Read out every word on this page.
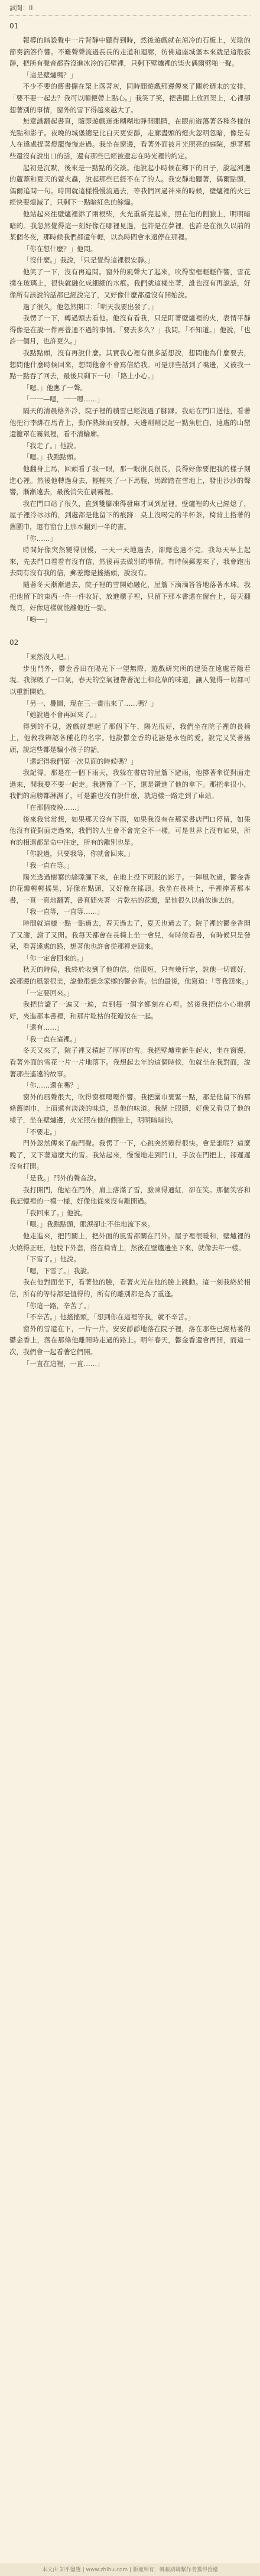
試閱：II
01

報導的暗殺聲中一片背靜中聽得到時，然後遊戲就在涼冷的石板上，光陰的節奏滴答作響。不難聲聲流過長長的走道和迴廊，彷佛這座城堡本來就是這般寂靜，把所有聲音都吞沒進冰冷的石壁裡，只剩下壁爐裡的柴火偶爾劈啪一聲。

「這是壁爐嗎？」

不少不要的舊書擺在架上落著灰，同時間遊戲那邊傳來了關於週末的安排，「要不要一起去？我可以順便帶上點心。」我笑了笑，把書闔上放回架上，心裡卻想著別的事情，窗外的雪下得越來越大了。

無意識翻起書頁，隨即遊戲迷迷糊糊地睜開眼睛，在眼前遊蕩著各種各樣的光點和影子。夜晚的城堡總是比白天更安靜，走廊盡頭的燈火忽明忽暗，像是有人在遠處提著燈籠慢慢走過。我坐在窗邊，看著外面被月光照亮的庭院，想著那些還沒有說出口的話，還有那些已經被遺忘在時光裡的約定。

起初是沉默，後來是一點點的交談。他說起小時候在鄉下的日子，說起河邊的蘆葦和夏天的螢火蟲，說起那些已經不在了的人。我安靜地聽著，偶爾點頭，偶爾追問一句。時間就這樣慢慢流過去，等我們回過神來的時候，壁爐裡的火已經快要熄滅了，只剩下一點暗紅色的餘燼。

他站起來往壁爐裡添了兩根柴，火光重新亮起來，照在他的側臉上，明明暗暗的。我忽然覺得這一刻好像在哪裡見過，也許是在夢裡，也許是在很久以前的某個冬夜，那時候我們都還年輕，以為時間會永遠停在那裡。

「你在想什麼？」他問。

「沒什麼。」我說，「只是覺得這裡很安靜。」

他笑了一下，沒有再追問。窗外的風聲大了起來，吹得窗框輕輕作響，雪花撲在玻璃上，很快就融化成細細的水痕。我們就這樣坐著，誰也沒有再說話，好像所有該說的話都已經說完了，又好像什麼都還沒有開始說。

過了很久，他忽然開口：「明天我要出發了。」

我愣了一下，轉過頭去看他。他沒有看我，只是盯著壁爐裡的火，表情平靜得像是在說一件再普通不過的事情。「要去多久？」我問。「不知道。」他說，「也許一個月，也許更久。」

我點點頭，沒有再說什麼。其實我心裡有很多話想說，想問他為什麼要去，想問他什麼時候回來，想問他會不會寫信給我。可是那些話到了嘴邊，又被我一點一點吞了回去，最後只剩下一句：「路上小心。」

「嗯。」他應了一聲。

「一一—嗯，一一嗯……」

隔天的清晨格外冷，院子裡的積雪已經沒過了腳踝。我站在門口送他，看著他把行李綁在馬背上，動作熟練而安靜。天邊剛剛泛起一點魚肚白，遠處的山巒還籠罩在霧氣裡，看不清輪廓。

「我走了。」他說。

「嗯。」我點點頭。

他翻身上馬，回頭看了我一眼，那一眼很長很長，長得好像要把我的樣子刻進心裡。然後他轉過身去，輕輕夾了一下馬腹，馬蹄踏在雪地上，發出沙沙的聲響，漸漸遠去，最後消失在晨霧裡。

我在門口站了很久，直到雙腳凍得發麻才回到屋裡。壁爐裡的火已經熄了，屋子裡冷冰冰的，到處都是他留下的痕跡：桌上沒喝完的半杯茶，椅背上搭著的舊圍巾，還有窗台上那本翻到一半的書。

「你……」

時間好像突然變得很慢，一天一天地過去，卻總也過不完。我每天早上起來，先去門口看看有沒有信，然後再去做別的事情。有時候郵差來了，我會跑出去問有沒有我的信，郵差總是搖搖頭，說沒有。

隨著冬天漸漸過去，院子裡的雪開始融化，屋簷下滴滴答答地落著水珠。我把他留下的東西一件一件收好，放進櫃子裡，只留下那本書還在窗台上，每天翻幾頁，好像這樣就能離他近一點。

「嗚──」

02

「果然沒人吧。」

步出門外，鬱金香田在陽光下一望無際，遊戲研究所的建築在遠處若隱若現。我深吸了一口氣，春天的空氣裡帶著泥土和花草的味道，讓人覺得一切都可以重新開始。

「另一、疊圖，現在三一畫出來了……嗎？」

「她說過不會再回來了。」

得到的不見，遊戲就想起了那個下午，陽光很好，我們坐在院子裡的長椅上，他教我辨認各種花的名字。他說鬱金香的花語是永恆的愛，說完又笑著搖頭，說這些都是騙小孩子的話。

「還記得我們第一次見面的時候嗎？」

我記得。那是在一個下雨天，我躲在書店的屋簷下避雨，他撐著傘從對面走過來，問我要不要一起走。我猶豫了一下，還是鑽進了他的傘下。那把傘很小，我們的肩膀都淋濕了，可是誰也沒有說什麼，就這樣一路走到了車站。

「在那個夜晚……」

後來我常常想，如果那天沒有下雨，如果我沒有在那家書店門口停留，如果他沒有從對面走過來，我們的人生會不會完全不一樣。可是世界上沒有如果，所有的相遇都是命中注定，所有的離別也是。

「你說過，只要我等，你就會回來。」

「我一直在等。」

陽光透過樹葉的縫隙灑下來，在地上投下斑駁的影子。一陣風吹過，鬱金香的花瓣輕輕搖晃，好像在點頭，又好像在搖頭。我坐在長椅上，手裡捧著那本書，一頁一頁地翻著，書頁間夾著一片乾枯的花瓣，是他很久以前放進去的。

「我一直等，一直等……」

時間就這樣一點一點過去，春天過去了，夏天也過去了。院子裡的鬱金香開了又謝，謝了又開。我每天都會在長椅上坐一會兒，有時候看書，有時候只是發呆，看著遠處的路，想著他也許會從那裡走回來。

「你一定會回來的。」

秋天的時候，我終於收到了他的信。信很短，只有幾行字，說他一切都好，說那邊的風景很美，說他很想念家鄉的鬱金香。信的最後，他寫道：「等我回來。」

「一定要回來。」

我把信讀了一遍又一遍，直到每一個字都刻在心裡。然後我把信小心地摺好，夾進那本書裡，和那片乾枯的花瓣放在一起。

「還有……」

「我一直在這裡。」

冬天又來了，院子裡又積起了厚厚的雪。我把壁爐重新生起火，坐在窗邊，看著外面的雪花一片一片地落下。我想起去年的這個時候，他就坐在我對面，說著那些遙遠的故事。

「你……還在嗎？」

窗外的風聲很大，吹得窗框嘎嘎作響。我把圍巾裹緊一點，那是他留下的那條舊圍巾，上面還有淡淡的味道，是他的味道。我閉上眼睛，好像又看見了他的樣子，坐在壁爐邊，火光照在他的側臉上，明明暗暗的。

「不要走。」

門外忽然傳來了敲門聲。我愣了一下，心跳突然變得很快。會是誰呢？這麼晚了，又下著這麼大的雪。我站起來，慢慢地走到門口，手放在門把上，卻遲遲沒有打開。

「是我。」門外的聲音說。

我打開門，他站在門外，肩上落滿了雪，臉凍得通紅，卻在笑。那個笑容和我記憶裡的一模一樣，好像他從來沒有離開過。

「我回來了。」他說。

「嗯。」我點點頭，眼淚卻止不住地流下來。

他走進來，把門關上，把外面的風雪都關在門外。屋子裡很暖和，壁爐裡的火燒得正旺，他脫下外套，搭在椅背上，然後在壁爐邊坐下來，就像去年一樣。

「下雪了。」他說。

「嗯，下雪了。」我說。

我在他對面坐下，看著他的臉，看著火光在他的臉上跳動。這一刻我終於相信，所有的等待都是值得的，所有的離別都是為了重逢。

「你這一路，辛苦了。」

「不辛苦。」他搖搖頭，「想到你在這裡等我，就不辛苦。」

窗外的雪還在下，一片一片，安安靜靜地落在院子裡，落在那些已經枯萎的鬱金香上，落在那條他離開時走過的路上。明年春天，鬱金香還會再開，而這一次，我們會一起看著它們開。

「一直在這裡，一直……」

本文由 知乎鹽選 | www.zhihu.com | 版權所有，轉載請聯繫作者獲得授權
